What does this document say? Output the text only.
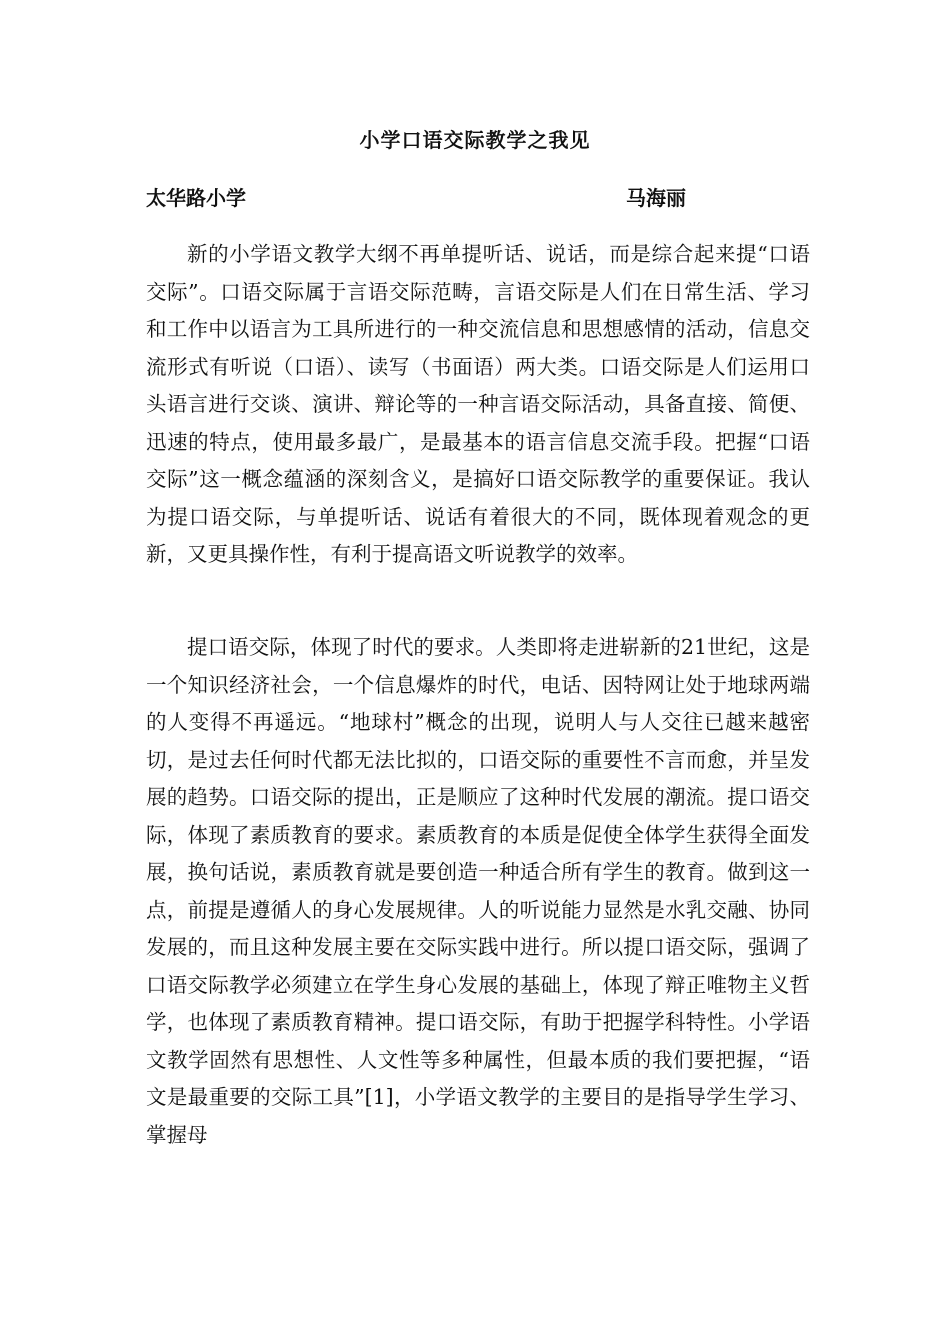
小学口语交际教学之我见
太华路小学	马海丽

新的小学语文教学大纲不再单提听话、说话，而是综合起来提“口语交际”。口语交际属于言语交际范畴，言语交际是人们在日常生活、学习和工作中以语言为工具所进行的一种交流信息和思想感情的活动，信息交流形式有听说（口语）、读写（书面语）两大类。口语交际是人们运用口头语言进行交谈、演讲、辩论等的一种言语交际活动，具备直接、简便、迅速的特点，使用最多最广，是最基本的语言信息交流手段。把握“口语交际”这一概念蕴涵的深刻含义，是搞好口语交际教学的重要保证。我认为提口语交际，与单提听话、说话有着很大的不同，既体现着观念的更新，又更具操作性，有利于提高语文听说教学的效率。

提口语交际，体现了时代的要求。人类即将走进崭新的21世纪，这是一个知识经济社会，一个信息爆炸的时代，电话、因特网让处于地球两端的人变得不再遥远。“地球村”概念的出现，说明人与人交往已越来越密切，是过去任何时代都无法比拟的，口语交际的重要性不言而愈，并呈发展的趋势。口语交际的提出，正是顺应了这种时代发展的潮流。提口语交际，体现了素质教育的要求。素质教育的本质是促使全体学生获得全面发展，换句话说，素质教育就是要创造一种适合所有学生的教育。做到这一点，前提是遵循人的身心发展规律。人的听说能力显然是水乳交融、协同发展的，而且这种发展主要在交际实践中进行。所以提口语交际，强调了口语交际教学必须建立在学生身心发展的基础上，体现了辩正唯物主义哲学，也体现了素质教育精神。提口语交际，有助于把握学科特性。小学语文教学固然有思想性、人文性等多种属性，但最本质的我们要把握，“语文是最重要的交际工具”[1]，小学语文教学的主要目的是指导学生学习、掌握母
